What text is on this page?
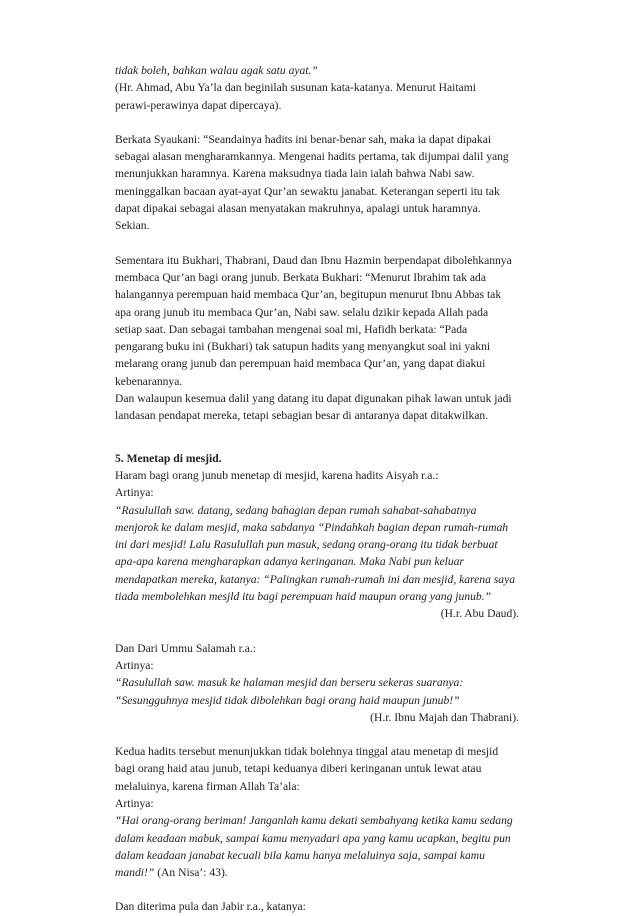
tidak boleh, bahkan walau agak satu ayat.”

(Hr. Ahmad, Abu Ya’la dan beginilah susunan kata-katanya. Menurut Haitami

perawi-perawinya dapat dipercaya).

Berkata Syaukani: “Seandainya hadits ini benar-benar sah, maka ia dapat dipakai

sebagai alasan mengharamkannya. Mengenai hadits pertama, tak dijumpai dalil yang

menunjukkan haramnya. Karena maksudnya tiada lain ialah bahwa Nabi saw.

meninggalkan bacaan ayat-ayat Qur’an sewaktu janabat. Keterangan seperti itu tak

dapat dipakai sebagai alasan menyatakan makruhnya, apalagi untuk haramnya.

Sekian.

Sementara itu Bukhari, Thabrani, Daud dan Ibnu Hazmin berpendapat dibolehkannya

membaca Qur’an bagi orang junub. Berkata Bukhari: “Menurut Ibrahim tak ada

halangannya perempuan haid membaca Qur’an, begitupun menurut Ibnu Abbas tak

apa orang junub itu membaca Qur’an, Nabi saw. selalu dzikir kepada Allah pada

setiap saat. Dan sebagai tambahan mengenai soal mi, Hafidh berkata: “Pada

pengarang buku ini (Bukhari) tak satupun hadits yang menyangkut soal ini yakni

melarang orang junub dan perempuan haid membaca Qur’an, yang dapat diakui

kebenarannya.

Dan walaupun kesemua dalil yang datang itu dapat digunakan pihak lawan untuk jadi

landasan pendapat mereka, tetapi sebagian besar di antaranya dapat ditakwilkan.

5. Menetap di mesjid.

Haram bagi orang junub menetap di mesjid, karena hadits Aisyah r.a.:

Artinya:

“Rasulullah saw. datang, sedang bahagian depan rumah sahabat-sahabatnya

menjorok ke dalam mesjid, maka sabdanya “Pindahkah bagian depan rumah-rumah

ini dari mesjid! Lalu Rasulullah pun masuk, sedang orang-orang itu tidak berbuat

apa-apa karena mengharapkan adanya keringanan. Maka Nabi pun keluar

mendapatkan mereka, katanya: “Palingkan rumah-rumah ini dan mesjid, karena saya

tiada membolehkan mesjld itu bagi perempuan haid maupun orang yang junub.”

(H.r. Abu Daud).

Dan Dari Ummu Salamah r.a.:

Artinya:

“Rasulullah saw. masuk ke halaman mesjid dan berseru sekeras suaranya:

“Sesungguhnya mesjid tidak dibolehkan bagi orang haid maupun junub!”

(H.r. Ibnu Majah dan Thabrani).

Kedua hadits tersebut menunjukkan tidak bolehnya tinggal atau menetap di mesjid

bagi orang haid atau junub, tetapi keduanya diberi keringanan untuk lewat atau

melaluinya, karena firman Allah Ta’ala:

Artinya:

“Hai orang-orang beriman! Janganlah kamu dekati sembahyang ketika kamu sedang

dalam keadaan mabuk, sampai kamu menyadari apa yang kamu ucapkan, begitu pun

dalam keadaan janabat kecuali bila kamu hanya melaluinya saja, sampai kamu

mandi!” (An Nisa’: 43).

Dan diterima pula dan Jabir r.a., katanya:
